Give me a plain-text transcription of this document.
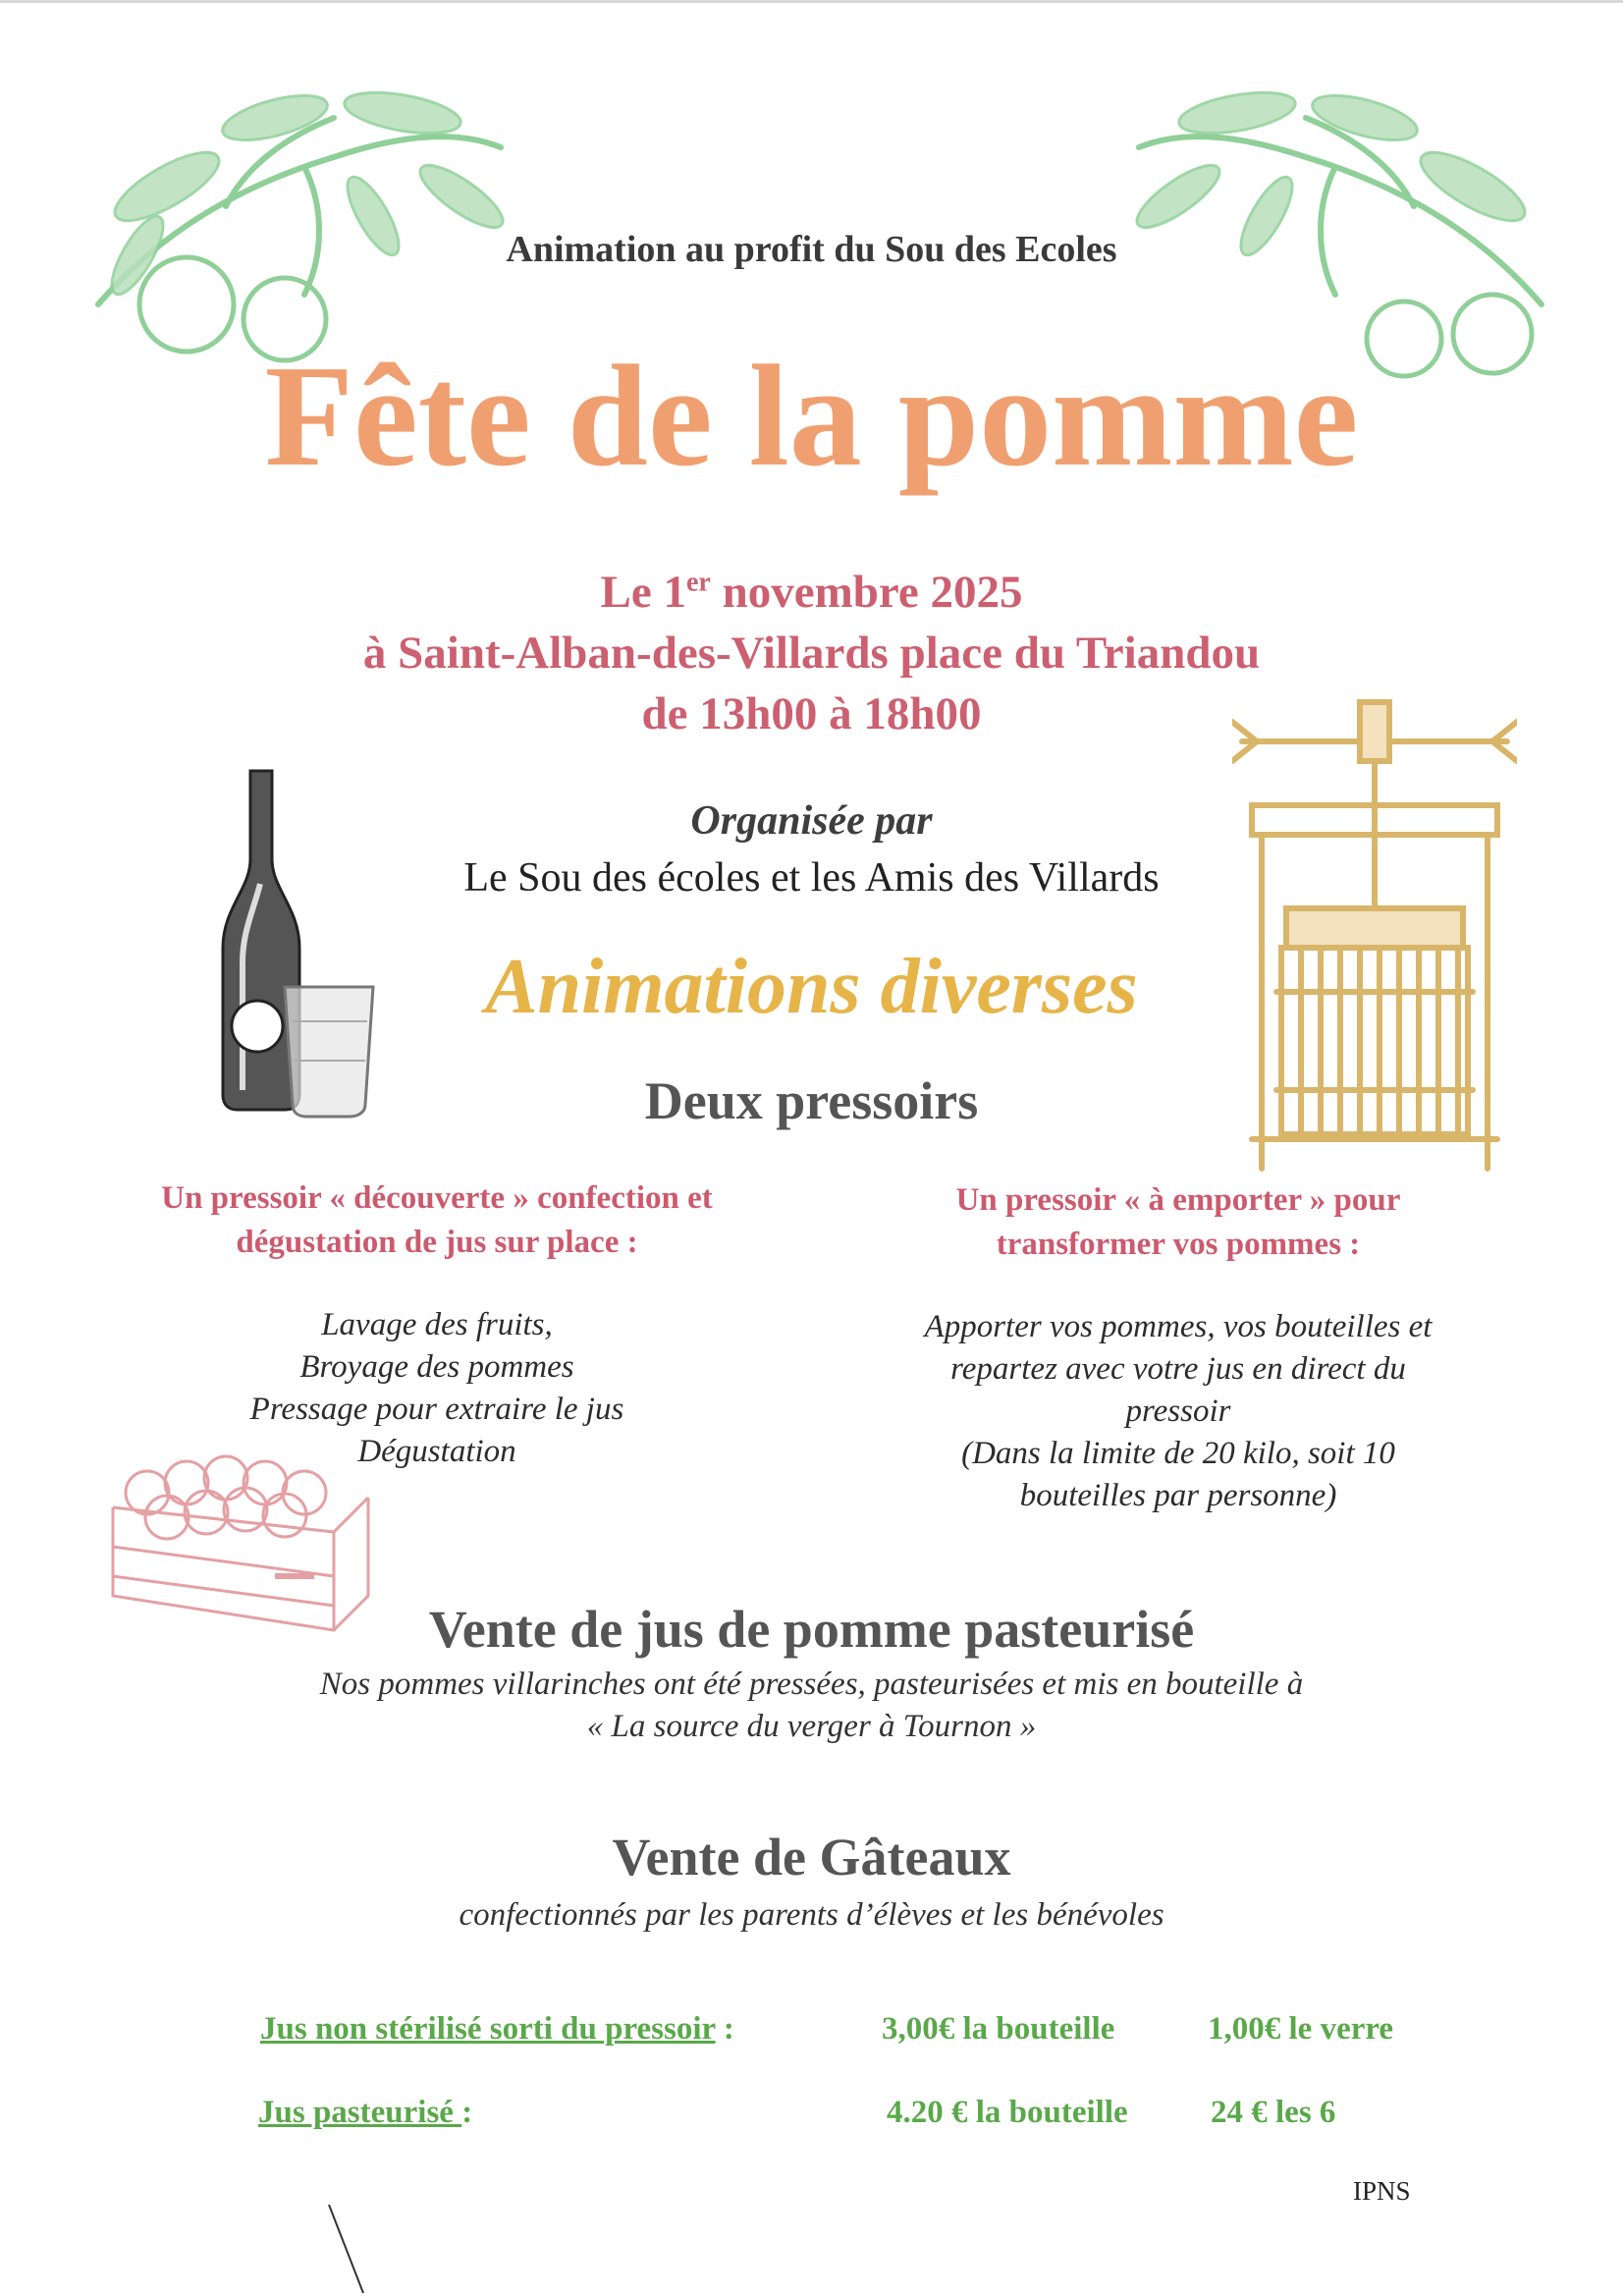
Animation au profit du Sou des Ecoles
Fête de la pomme
Le 1er novembre 2025
à Saint-Alban-des-Villards place du Triandou
de 13h00 à 18h00
Organisée par
Le Sou des écoles et les Amis des Villards
Animations diverses
Deux pressoirs
Un pressoir « découverte » confection et
dégustation de jus sur place :
Lavage des fruits,
Broyage des pommes
Pressage pour extraire le jus
Dégustation
Un pressoir « à emporter » pour
transformer vos pommes :
Apporter vos pommes, vos bouteilles et
repartez avec votre jus en direct du
pressoir
(Dans la limite de 20 kilo, soit 10
bouteilles par personne)
Vente de jus de pomme pasteurisé
Nos pommes villarinches ont été pressées, pasteurisées et mis en bouteille à
« La source du verger à Tournon »
Vente de Gâteaux
confectionnés par les parents d’élèves et les bénévoles
Jus non stérilisé sorti du pressoir :	3,00€ la bouteille	1,00€ le verre
Jus pasteurisé :	4.20 € la bouteille	24 € les 6
IPNS
